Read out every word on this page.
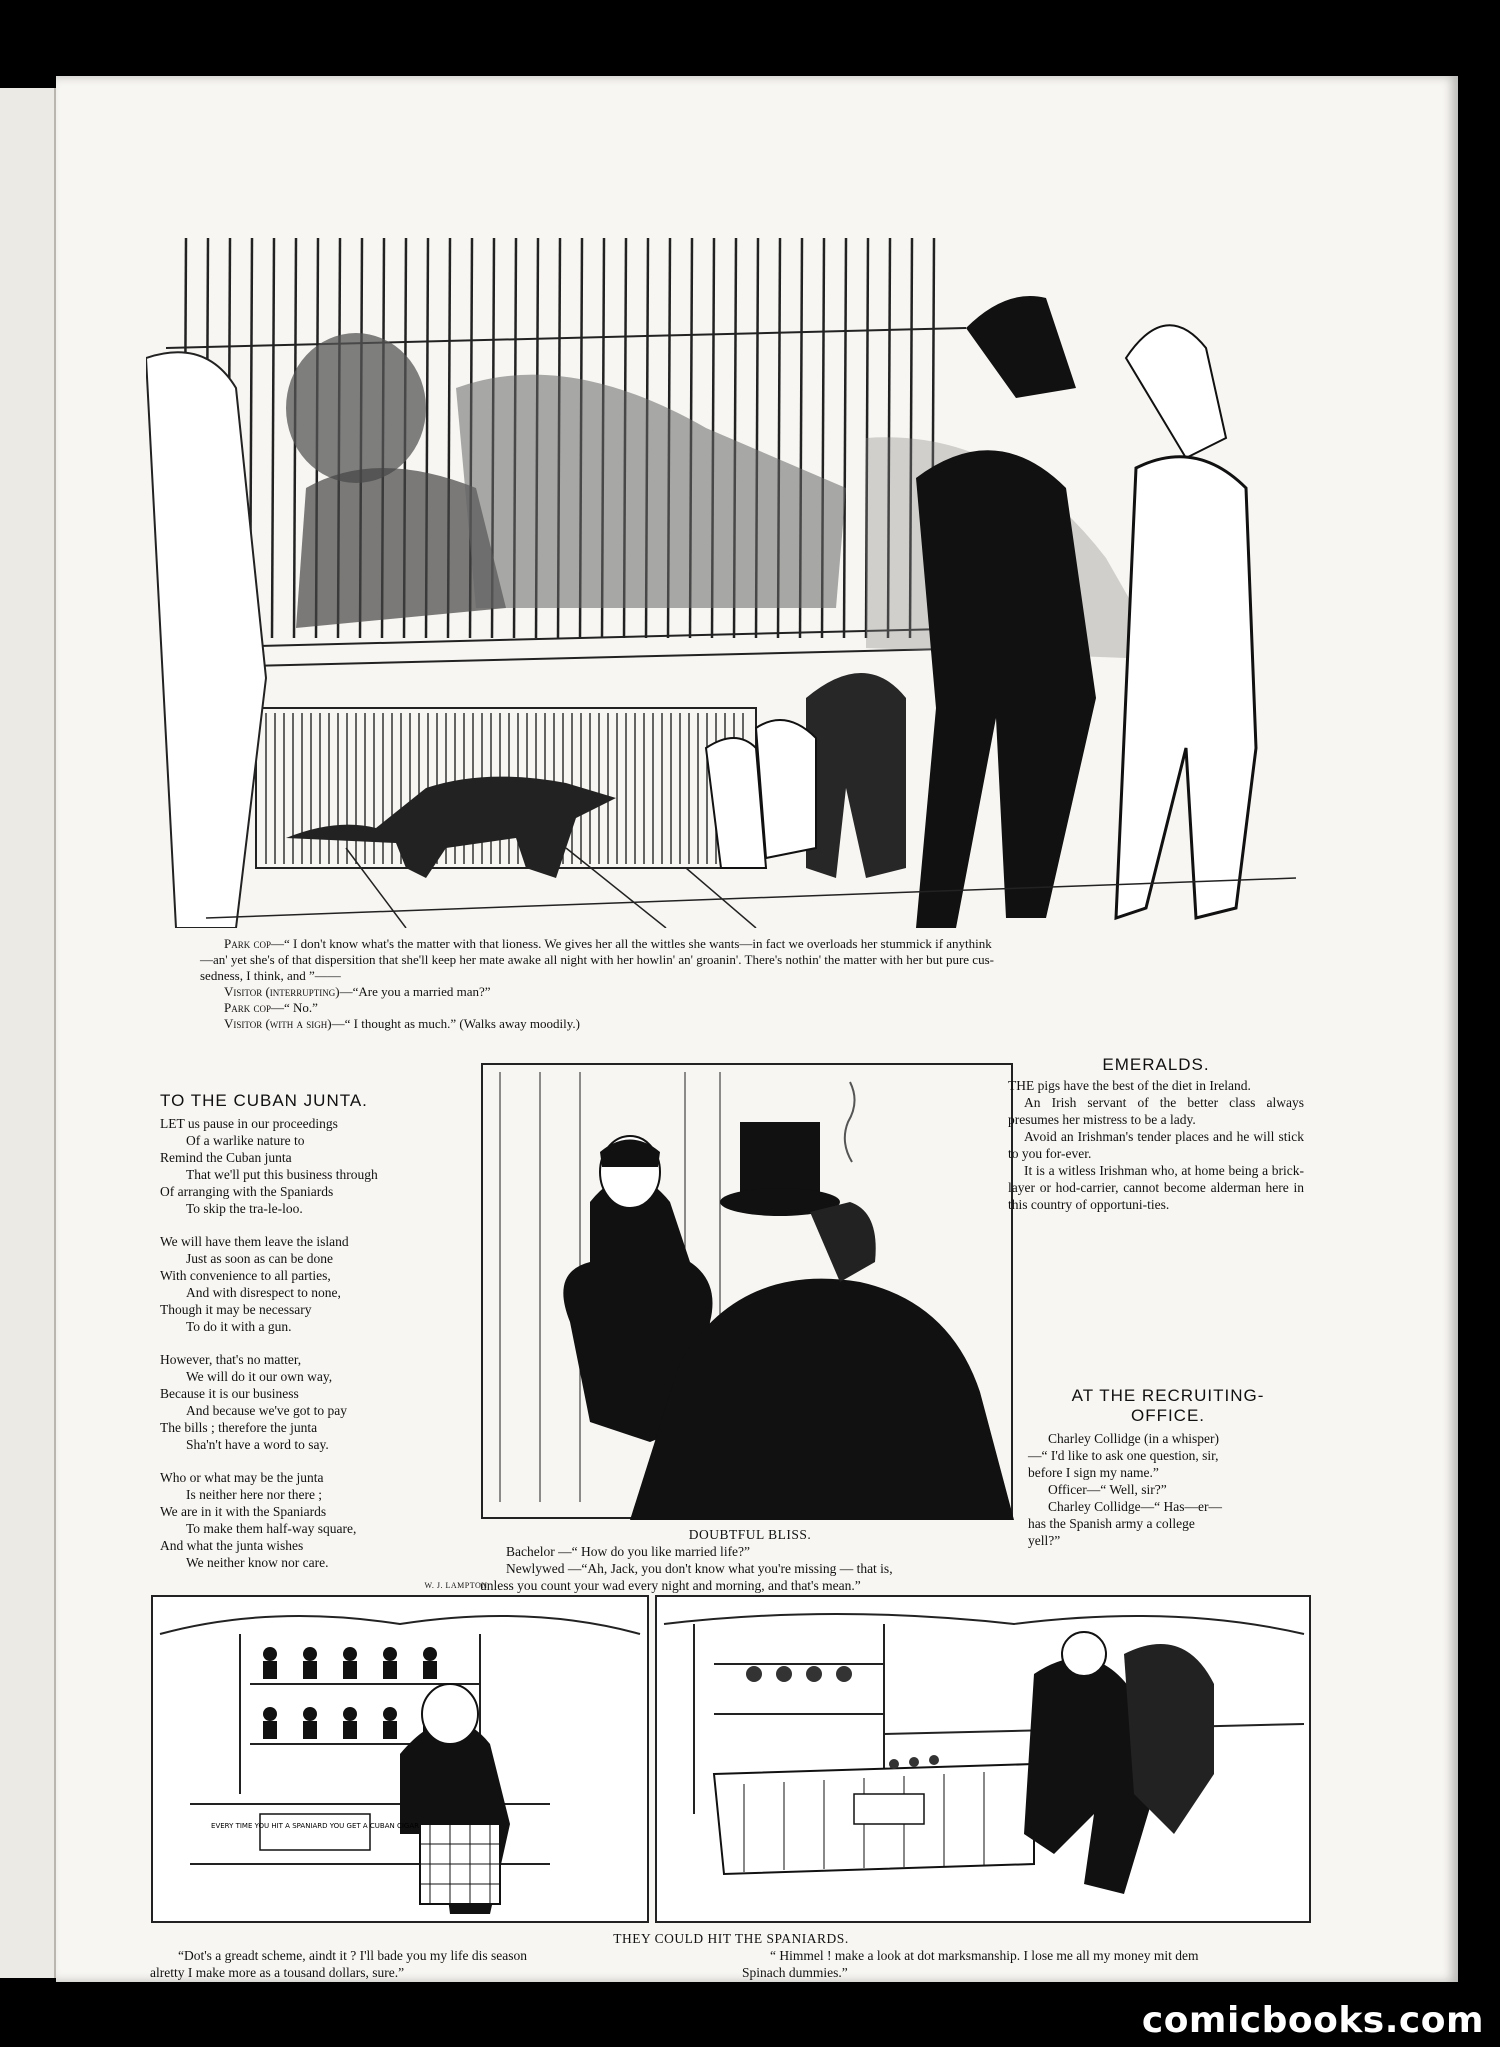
Park cop—“ I don't know what's the matter with that lioness. We gives her all the wittles she wants—in fact we overloads her stummick if anythink
—an' yet she's of that dispersition that she'll keep her mate awake all night with her howlin' an' groanin'. There's nothin' the matter with her but pure cus-
sedness, I think, and ”——
Visitor (interrupting)—“Are you a married man?”
Park cop—“ No.”
Visitor (with a sigh)—“ I thought as much.” (Walks away moodily.)
TO THE CUBAN JUNTA.

LET us pause in our proceedings
Of a warlike nature to
Remind the Cuban junta
That we'll put this business through
Of arranging with the Spaniards
To skip the tra-le-loo.

We will have them leave the island
Just as soon as can be done
With convenience to all parties,
And with disrespect to none,
Though it may be necessary
To do it with a gun.

However, that's no matter,
We will do it our own way,
Because it is our business
And because we've got to pay
The bills ; therefore the junta
Sha'n't have a word to say.

Who or what may be the junta
Is neither here nor there ;
We are in it with the Spaniards
To make them half-way square,
And what the junta wishes
We neither know nor care.

W. J. LAMPTON.
DOUBTFUL BLISS.
Bachelor —“ How do you like married life?”
Newlywed —“Ah, Jack, you don't know what you're missing — that is,
unless you count your wad every night and morning, and that's mean.”
EMERALDS.

THE pigs have the best of the diet in Ireland.

An Irish servant of the better class always presumes her mistress to be a lady.

Avoid an Irishman's tender places and he will stick to you for-ever.

It is a witless Irishman who, at home being a brick-layer or hod-carrier, cannot become alderman here in this country of opportuni-ties.

AT THE RECRUITING-
OFFICE.
Charley Collidge (in a whisper)
—“ I'd like to ask one question, sir,
before I sign my name.”
Officer—“ Well, sir?”
Charley Collidge—“ Has—er—
has the Spanish army a college
yell?”
EVERY TIME YOU HIT A SPANIARD YOU GET A CUBAN CIGAR
THEY COULD HIT THE SPANIARDS.
“Dot's a greadt scheme, aindt it ? I'll bade you my life dis season
alretty I make more as a tousand dollars, sure.”
“ Himmel ! make a look at dot marksmanship. I lose me all my money mit dem
Spinach dummies.”
comicbooks.com
